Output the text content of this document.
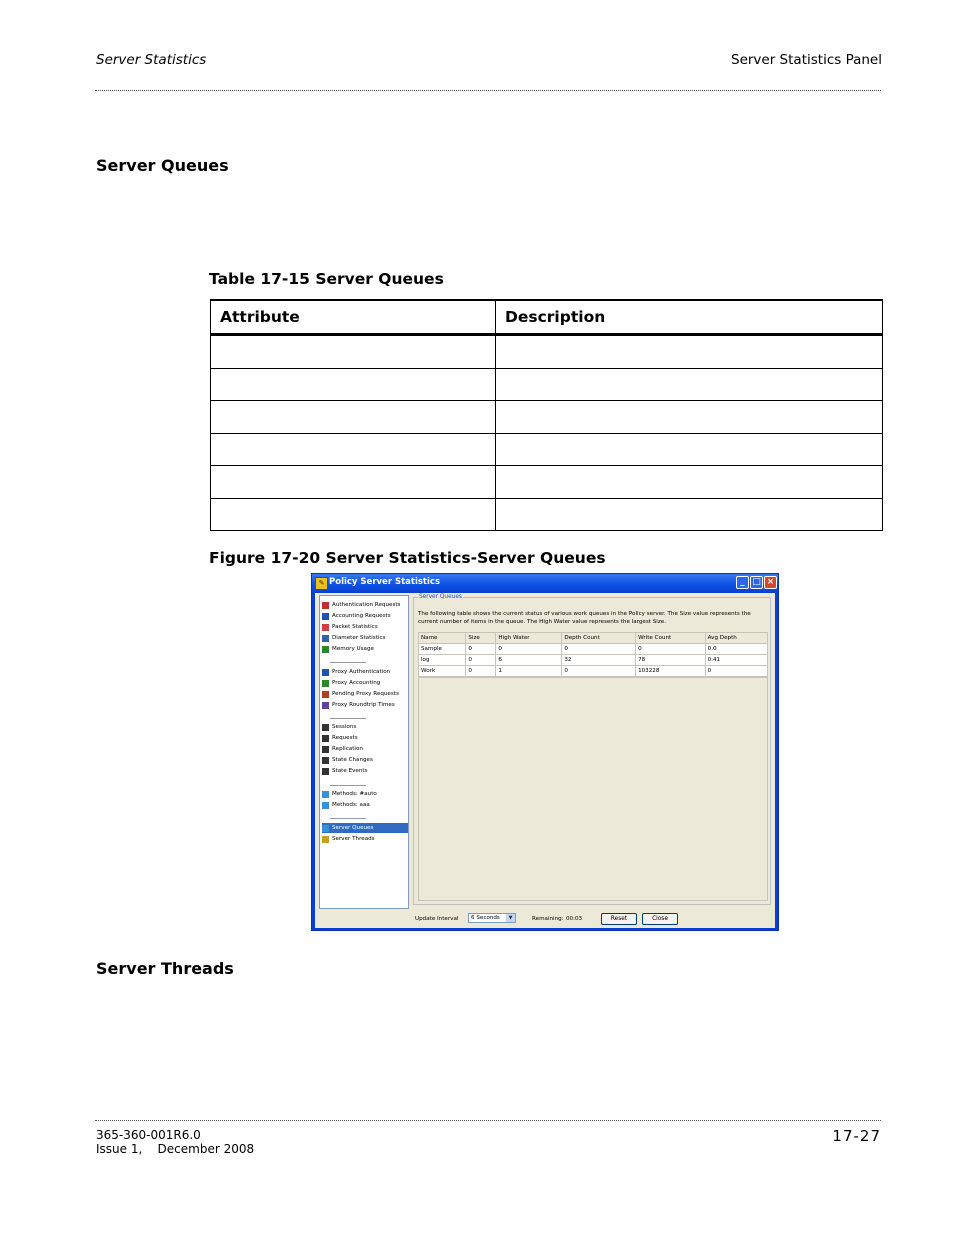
Server Statistics	Server Statistics Panel
Server Queues
Table 17-15 Server Queues
Attribute	Description

Figure 17-20 Server Statistics-Server Queues
✎ Policy Server Statistics	_ □ ×
Authentication Requests
Accounting Requests
Packet Statistics
Diameter Statistics
Memory Usage
Proxy Authentication
Proxy Accounting
Pending Proxy Requests
Proxy Roundtrip Times
Sessions
Requests
Replication
State Changes
State Events
Methods: #auto
Methods: aaa
Server Queues
Server Threads
Server Queues
The following table shows the current status of various work queues in the Policy server. The Size value represents the current number of items in the queue. The High Water value represents the largest Size.
Name	Size	High Water	Depth Count	Write Count	Avg Depth
Sample	0	0	0	0	0.0
log	0	6	32	78	0.41
Work	0	1	0	103228	0
Update Interval	6 Seconds	▼	Remaining: 00:03	Reset	Close
Server Threads
365-360-001R6.0
Issue 1,    December 2008
17-27
